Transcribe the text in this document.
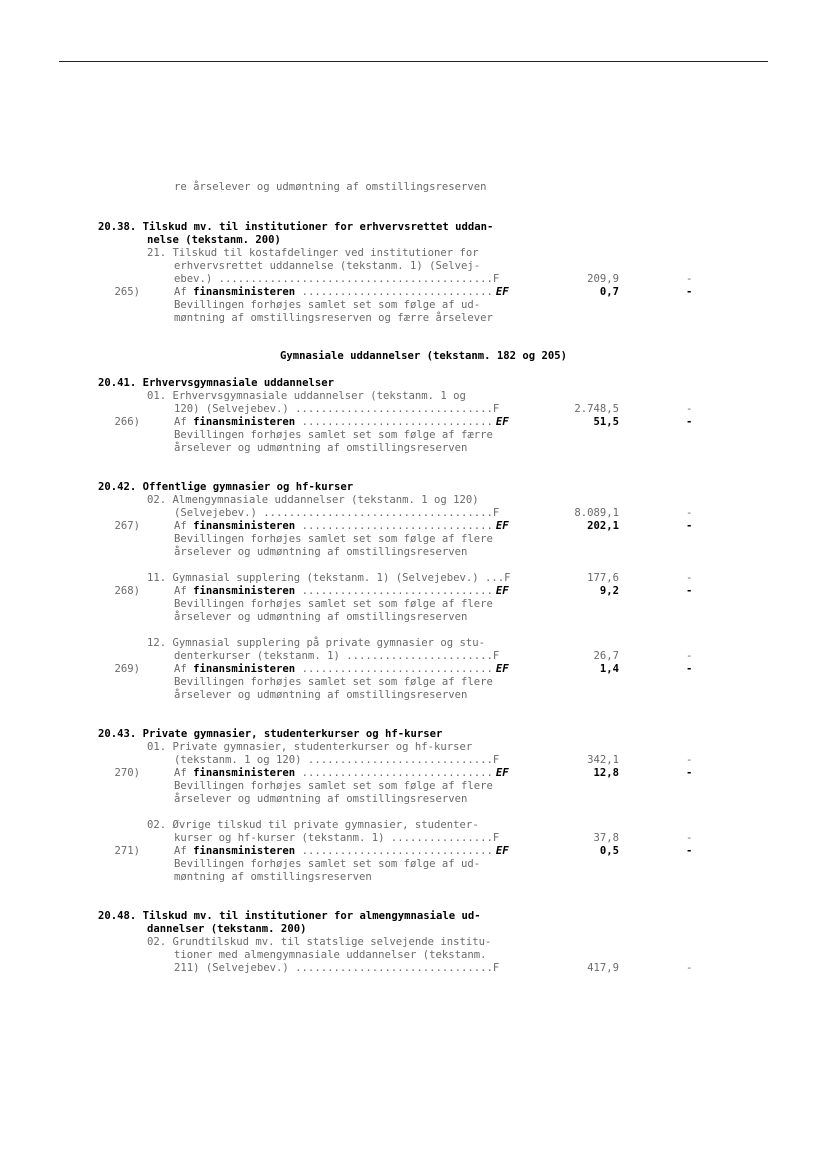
re årselever og udmøntning af omstillingsreserven
20.38. Tilskud mv. til institutioner for erhvervsrettet uddan-
nelse (tekstanm. 200)
21. Tilskud til kostafdelinger ved institutioner for
erhvervsrettet uddannelse (tekstanm. 1) (Selvej-
ebev.) ...........................................F	209,9	-
265)	Af finansministeren .............................. EF	0,7	-
Bevillingen forhøjes samlet set som følge af ud-
møntning af omstillingsreserven og færre årselever
Gymnasiale uddannelser (tekstanm. 182 og 205)
20.41. Erhvervsgymnasiale uddannelser
01. Erhvervsgymnasiale uddannelser (tekstanm. 1 og
120) (Selvejebev.) ...............................F	2.748,5	-
266)	Af finansministeren .............................. EF	51,5	-
Bevillingen forhøjes samlet set som følge af færre
årselever og udmøntning af omstillingsreserven
20.42. Offentlige gymnasier og hf-kurser
02. Almengymnasiale uddannelser (tekstanm. 1 og 120)
(Selvejebev.) ....................................F	8.089,1	-
267)	Af finansministeren .............................. EF	202,1	-
Bevillingen forhøjes samlet set som følge af flere
årselever og udmøntning af omstillingsreserven
11. Gymnasial supplering (tekstanm. 1) (Selvejebev.) ...F	177,6	-
268)	Af finansministeren .............................. EF	9,2	-
Bevillingen forhøjes samlet set som følge af flere
årselever og udmøntning af omstillingsreserven
12. Gymnasial supplering på private gymnasier og stu-
denterkurser (tekstanm. 1) .......................F	26,7	-
269)	Af finansministeren .............................. EF	1,4	-
Bevillingen forhøjes samlet set som følge af flere
årselever og udmøntning af omstillingsreserven
20.43. Private gymnasier, studenterkurser og hf-kurser
01. Private gymnasier, studenterkurser og hf-kurser
(tekstanm. 1 og 120) .............................F	342,1	-
270)	Af finansministeren .............................. EF	12,8	-
Bevillingen forhøjes samlet set som følge af flere
årselever og udmøntning af omstillingsreserven
02. Øvrige tilskud til private gymnasier, studenter-
kurser og hf-kurser (tekstanm. 1) ................F	37,8	-
271)	Af finansministeren .............................. EF	0,5	-
Bevillingen forhøjes samlet set som følge af ud-
møntning af omstillingsreserven
20.48. Tilskud mv. til institutioner for almengymnasiale ud-
dannelser (tekstanm. 200)
02. Grundtilskud mv. til statslige selvejende institu-
tioner med almengymnasiale uddannelser (tekstanm.
211) (Selvejebev.) ...............................F	417,9	-
